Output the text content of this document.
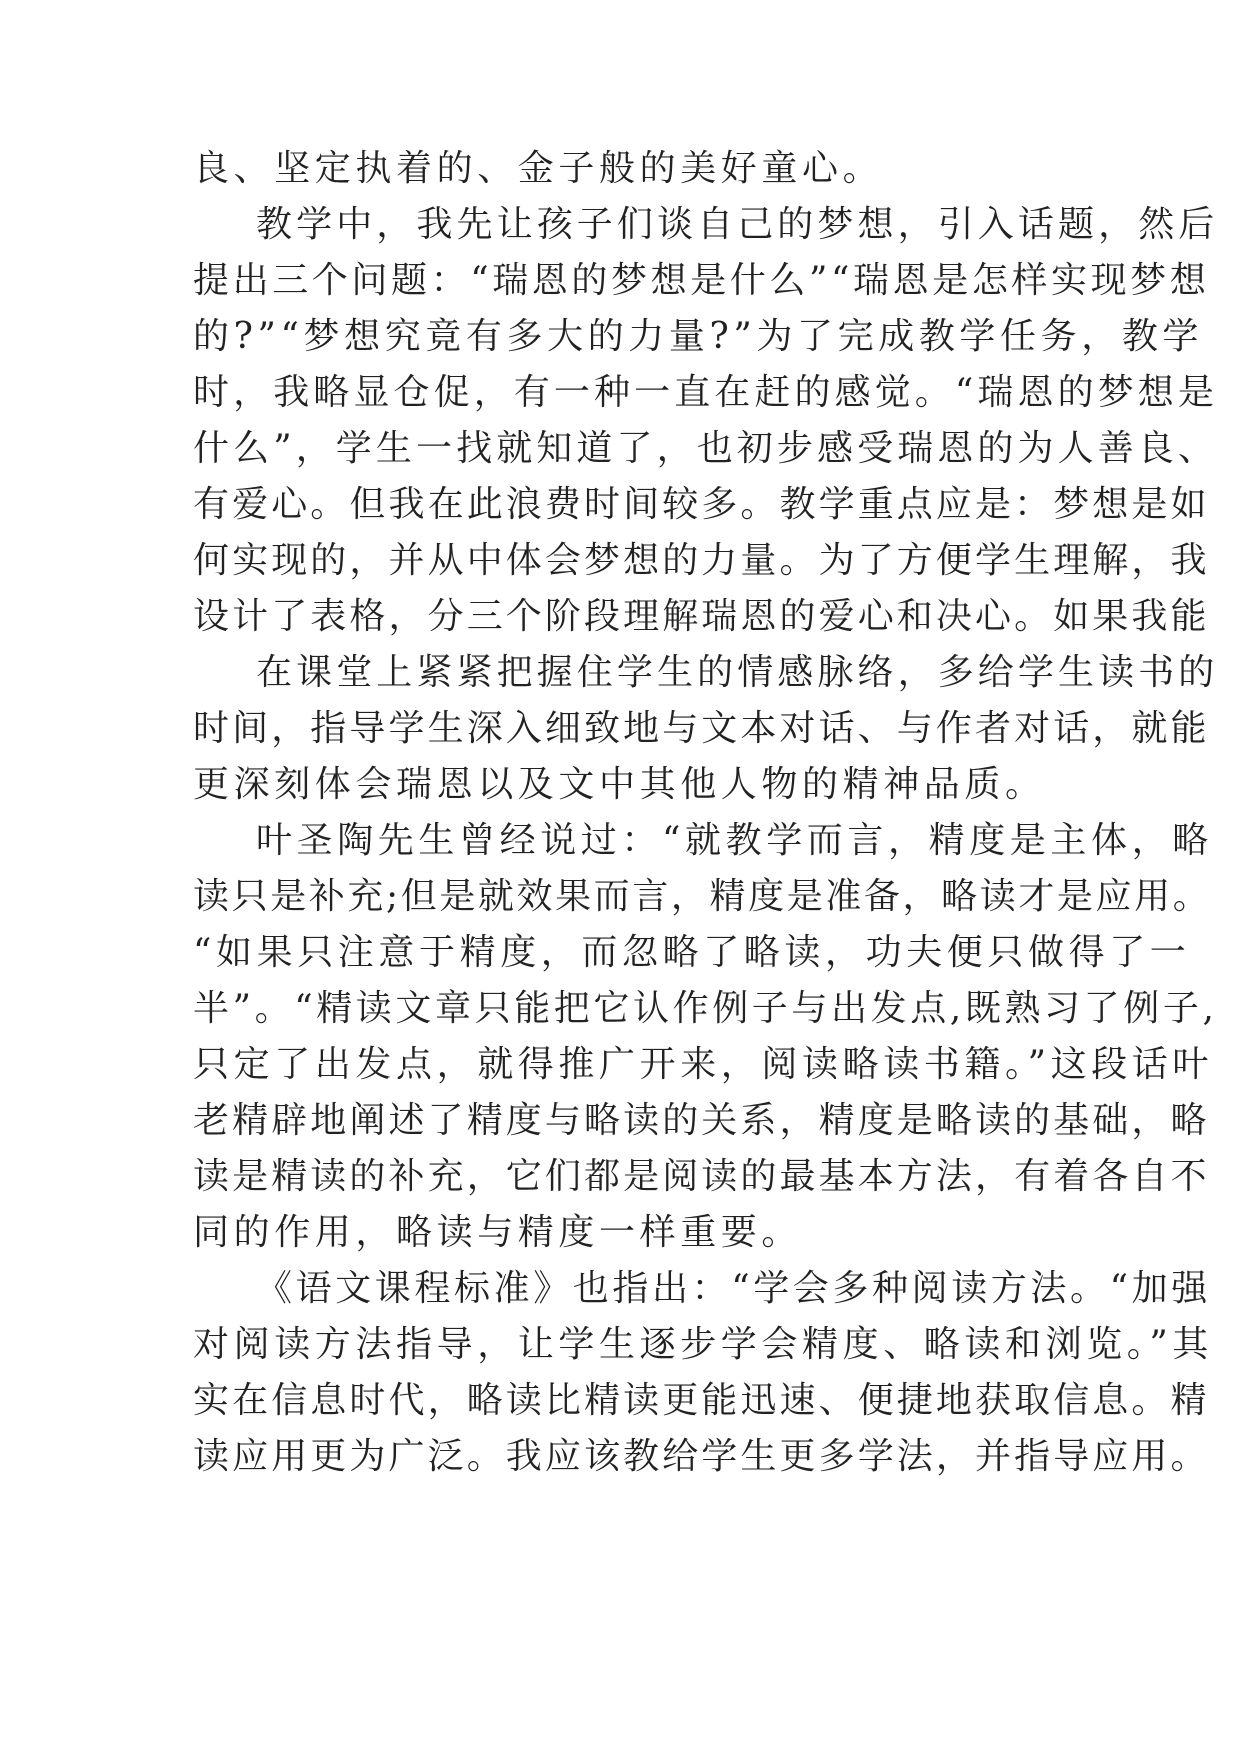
良、坚定执着的、金子般的美好童心。
教学中，我先让孩子们谈自己的梦想，引入话题，然后
提出三个问题：“瑞恩的梦想是什么”“瑞恩是怎样实现梦想
的?”“梦想究竟有多大的力量?”为了完成教学任务，教学
时，我略显仓促，有一种一直在赶的感觉。“瑞恩的梦想是
什么”，学生一找就知道了，也初步感受瑞恩的为人善良、
有爱心。但我在此浪费时间较多。教学重点应是：梦想是如
何实现的，并从中体会梦想的力量。为了方便学生理解，我
设计了表格，分三个阶段理解瑞恩的爱心和决心。如果我能
在课堂上紧紧把握住学生的情感脉络，多给学生读书的
时间，指导学生深入细致地与文本对话、与作者对话，就能
更深刻体会瑞恩以及文中其他人物的精神品质。
叶圣陶先生曾经说过：“就教学而言，精度是主体，略
读只是补充;但是就效果而言，精度是准备，略读才是应用。
“如果只注意于精度，而忽略了略读，功夫便只做得了一
半”。“精读文章只能把它认作例子与出发点,既熟习了例子,
只定了出发点，就得推广开来，阅读略读书籍。”这段话叶
老精辟地阐述了精度与略读的关系，精度是略读的基础，略
读是精读的补充，它们都是阅读的最基本方法，有着各自不
同的作用，略读与精度一样重要。
《语文课程标准》也指出：“学会多种阅读方法。“加强
对阅读方法指导，让学生逐步学会精度、略读和浏览。”其
实在信息时代，略读比精读更能迅速、便捷地获取信息。精
读应用更为广泛。我应该教给学生更多学法，并指导应用。
